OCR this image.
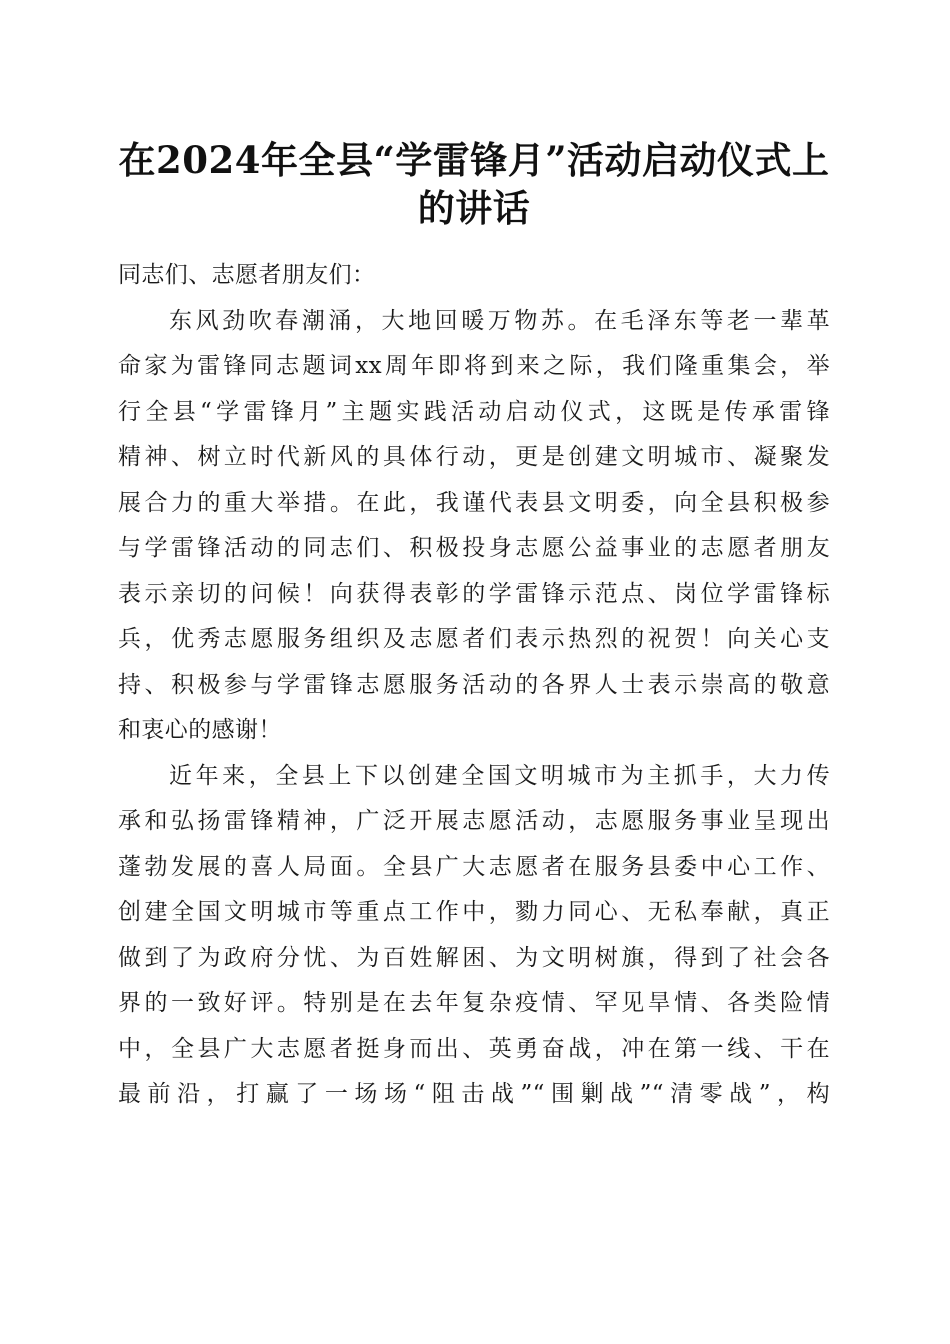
在2024年全县“学雷锋月”活动启动仪式上
的讲话
同志们、志愿者朋友们：
东风劲吹春潮涌，大地回暖万物苏。在毛泽东等老一辈革
命家为雷锋同志题词xx周年即将到来之际，我们隆重集会，举
行全县“学雷锋月”主题实践活动启动仪式，这既是传承雷锋
精神、树立时代新风的具体行动，更是创建文明城市、凝聚发
展合力的重大举措。在此，我谨代表县文明委，向全县积极参
与学雷锋活动的同志们、积极投身志愿公益事业的志愿者朋友
表示亲切的问候！向获得表彰的学雷锋示范点、岗位学雷锋标
兵，优秀志愿服务组织及志愿者们表示热烈的祝贺！向关心支
持、积极参与学雷锋志愿服务活动的各界人士表示崇高的敬意
和衷心的感谢！
近年来，全县上下以创建全国文明城市为主抓手，大力传
承和弘扬雷锋精神，广泛开展志愿活动，志愿服务事业呈现出
蓬勃发展的喜人局面。全县广大志愿者在服务县委中心工作、
创建全国文明城市等重点工作中，勠力同心、无私奉献，真正
做到了为政府分忧、为百姓解困、为文明树旗，得到了社会各
界的一致好评。特别是在去年复杂疫情、罕见旱情、各类险情
中，全县广大志愿者挺身而出、英勇奋战，冲在第一线、干在
最前沿，打赢了一场场“阻击战”“围剿战”“清零战”，构
